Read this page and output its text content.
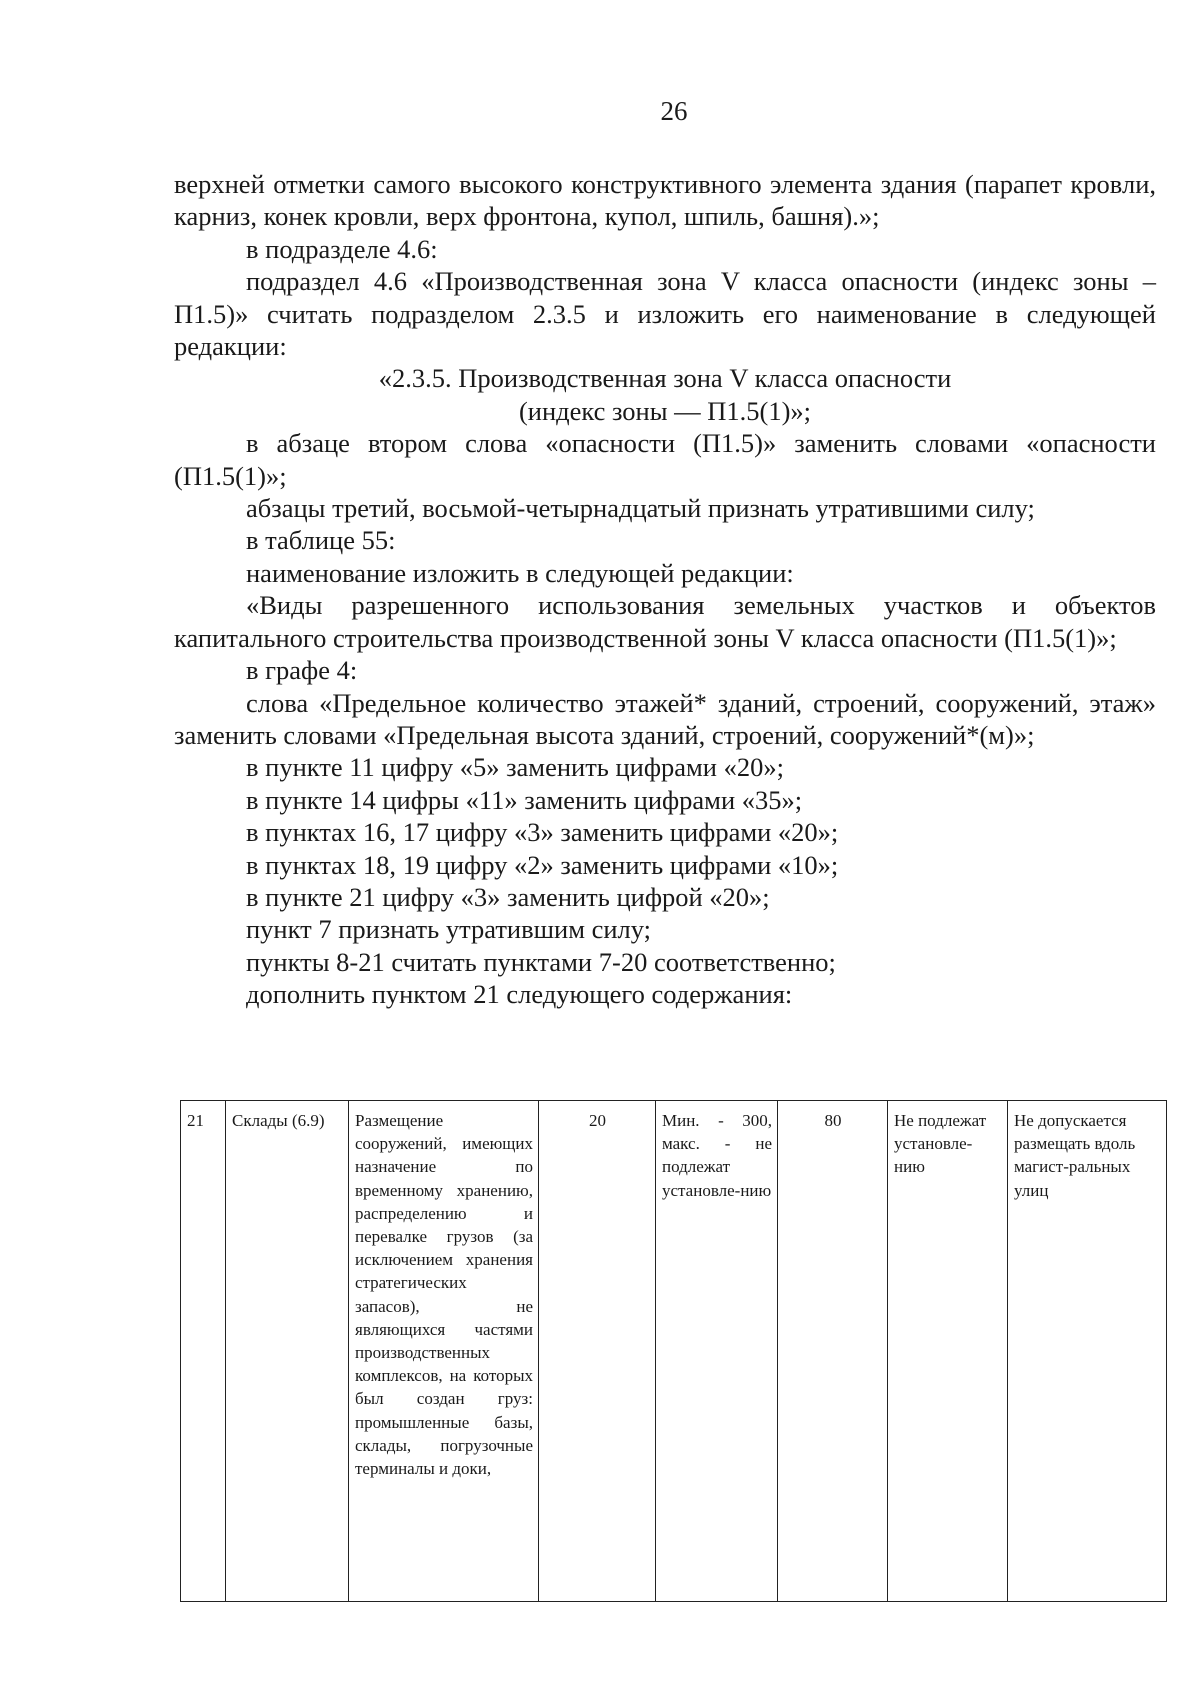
26

верхней отметки самого высокого конструктивного элемента здания (парапет кровли, карниз, конек кровли, верх фронтона, купол, шпиль, башня).»;

в подразделе 4.6:

подраздел 4.6 «Производственная зона V класса опасности (индекс зоны – П1.5)» считать подразделом 2.3.5 и изложить его наименование в следующей редакции:

«2.3.5. Производственная зона V класса опасности

(индекс зоны — П1.5(1)»;

в абзаце втором слова «опасности (П1.5)» заменить словами «опасности (П1.5(1)»;

абзацы третий, восьмой-четырнадцатый признать утратившими силу;

в таблице 55:

наименование изложить в следующей редакции:

«Виды разрешенного использования земельных участков и объектов капитального строительства производственной зоны V класса опасности (П1.5(1)»;

в графе 4:

слова «Предельное количество этажей* зданий, строений, сооружений, этаж» заменить словами «Предельная высота зданий, строений, сооружений*(м)»;

в пункте 11 цифру «5» заменить цифрами «20»;

в пункте 14 цифры «11» заменить цифрами «35»;

в пунктах 16, 17 цифру «3» заменить цифрами «20»;

в пунктах 18, 19 цифру «2» заменить цифрами «10»;

в пункте 21 цифру «3» заменить цифрой «20»;

пункт 7 признать утратившим силу;

пункты 8-21 считать пунктами 7-20 соответственно;

дополнить пунктом 21 следующего содержания:

21	Склады (6.9)	Размещение сооружений, имеющих назначение по временному хранению, распределению и перевалке грузов (за исключением хранения стратегических запасов), не являющихся частями производственных комплексов, на которых был создан груз: промышленные базы, склады, погрузочные терминалы и доки,	20	Мин. - 300, макс. - не подлежат установле-нию	80	Не подлежат установле-нию	Не допускается размещать вдоль магист-ральных улиц
